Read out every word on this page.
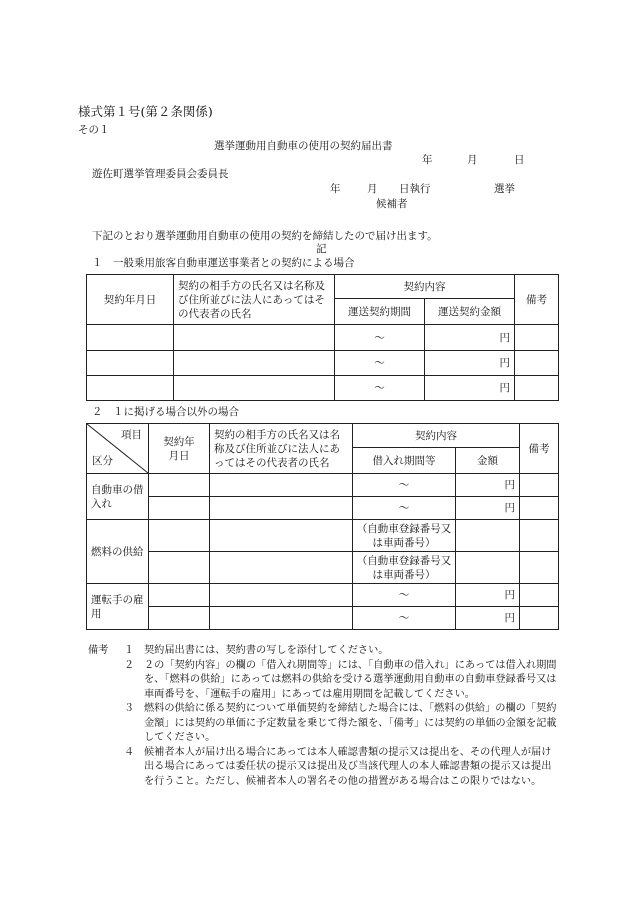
様式第１号(第２条関係)
その１
選挙運動用自動車の使用の契約届出書
年	月	日
遊佐町選挙管理委員会委員長
年	月 日執行	選挙
候補者
下記のとおり選挙運動用自動車の使用の契約を締結したので届け出ます。
記
１　一般乗用旅客自動車運送事業者との契約による場合
契約年月日	契約の相手方の氏名又は名称及び住所並びに法人にあってはその代表者の氏名	契約内容		備考
		運送契約期間	運送契約金額	
		～	円	
		～	円	
		～	円	
２　１に掲げる場合以外の場合
項目
区分	契約年月日	契約の相手方の氏名又は名称及び住所並びに法人にあってはその代表者の氏名	契約内容		備考
			借入れ期間等	金額	
自動車の借入れ			～	円	
			～	円	
燃料の供給			（自動車登録番号又は車両番号）		
			（自動車登録番号又は車両番号）		
運転手の雇用			～	円	
			～	円	
備考	１ 契約届出書には、契約書の写しを添付してください。
２ ２の「契約内容」の欄の「借入れ期間等」には、「自動車の借入れ」にあっては借入れ期間を、「燃料の供給」にあっては燃料の供給を受ける選挙運動用自動車の自動車登録番号又は車両番号を、「運転手の雇用」にあっては雇用期間を記載してください。
３ 燃料の供給に係る契約について単価契約を締結した場合には、「燃料の供給」の欄の「契約金額」には契約の単価に予定数量を乗じて得た額を、「備考」には契約の単価の金額を記載してください。
４ 候補者本人が届け出る場合にあっては本人確認書類の提示又は提出を、その代理人が届け出る場合にあっては委任状の提示又は提出及び当該代理人の本人確認書類の提示又は提出を行うこと。ただし、候補者本人の署名その他の措置がある場合はこの限りではない。
